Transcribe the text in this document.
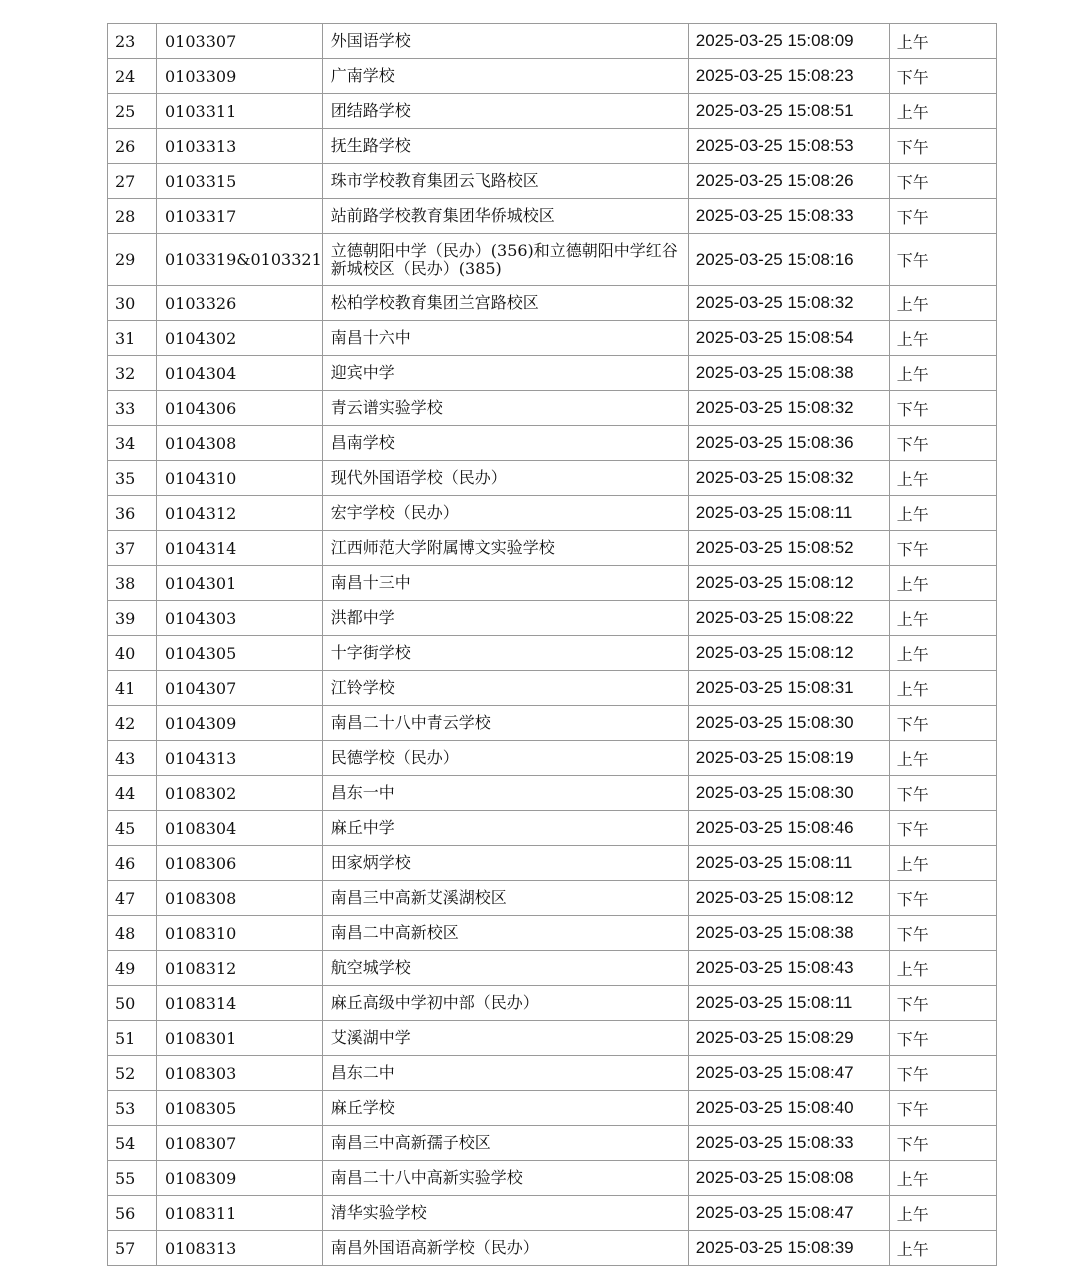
23	0103307	外国语学校	2025-03-25 15:08:09	上午
24	0103309	广南学校	2025-03-25 15:08:23	下午
25	0103311	团结路学校	2025-03-25 15:08:51	上午
26	0103313	抚生路学校	2025-03-25 15:08:53	下午
27	0103315	珠市学校教育集团云飞路校区	2025-03-25 15:08:26	下午
28	0103317	站前路学校教育集团华侨城校区	2025-03-25 15:08:33	下午
29	0103319&0103321	立德朝阳中学（民办）(356)和立德朝阳中学红谷新城校区（民办）(385)	2025-03-25 15:08:16	下午
30	0103326	松柏学校教育集团兰宫路校区	2025-03-25 15:08:32	上午
31	0104302	南昌十六中	2025-03-25 15:08:54	上午
32	0104304	迎宾中学	2025-03-25 15:08:38	上午
33	0104306	青云谱实验学校	2025-03-25 15:08:32	下午
34	0104308	昌南学校	2025-03-25 15:08:36	下午
35	0104310	现代外国语学校（民办）	2025-03-25 15:08:32	上午
36	0104312	宏宇学校（民办）	2025-03-25 15:08:11	上午
37	0104314	江西师范大学附属博文实验学校	2025-03-25 15:08:52	下午
38	0104301	南昌十三中	2025-03-25 15:08:12	上午
39	0104303	洪都中学	2025-03-25 15:08:22	上午
40	0104305	十字街学校	2025-03-25 15:08:12	上午
41	0104307	江铃学校	2025-03-25 15:08:31	上午
42	0104309	南昌二十八中青云学校	2025-03-25 15:08:30	下午
43	0104313	民德学校（民办）	2025-03-25 15:08:19	上午
44	0108302	昌东一中	2025-03-25 15:08:30	下午
45	0108304	麻丘中学	2025-03-25 15:08:46	下午
46	0108306	田家炳学校	2025-03-25 15:08:11	上午
47	0108308	南昌三中高新艾溪湖校区	2025-03-25 15:08:12	下午
48	0108310	南昌二中高新校区	2025-03-25 15:08:38	下午
49	0108312	航空城学校	2025-03-25 15:08:43	上午
50	0108314	麻丘高级中学初中部（民办）	2025-03-25 15:08:11	下午
51	0108301	艾溪湖中学	2025-03-25 15:08:29	下午
52	0108303	昌东二中	2025-03-25 15:08:47	下午
53	0108305	麻丘学校	2025-03-25 15:08:40	下午
54	0108307	南昌三中高新孺子校区	2025-03-25 15:08:33	下午
55	0108309	南昌二十八中高新实验学校	2025-03-25 15:08:08	上午
56	0108311	清华实验学校	2025-03-25 15:08:47	上午
57	0108313	南昌外国语高新学校（民办）	2025-03-25 15:08:39	上午
